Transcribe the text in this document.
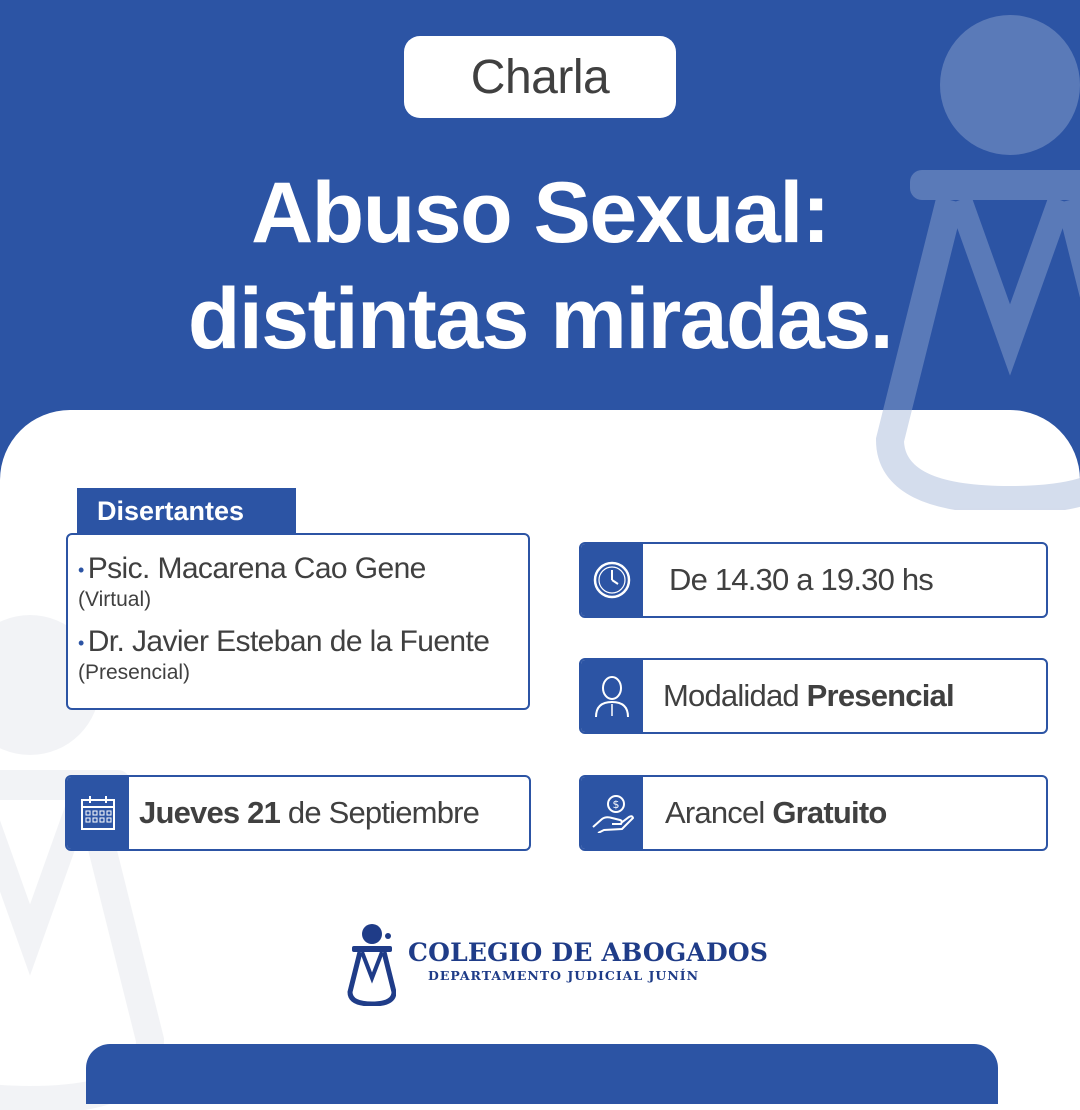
Charla
Abuso Sexual:
distintas miradas.
• Psic. Macarena Cao Gene
(Virtual)
• Dr. Javier Esteban de la Fuente
(Presencial)
Disertantes
De 14.30 a 19.30 hs
Modalidad Presencial
Jueves 21 de Septiembre	$ Arancel Gratuito
COLEGIO DE ABOGADOS
DEPARTAMENTO JUDICIAL JUNÍN
